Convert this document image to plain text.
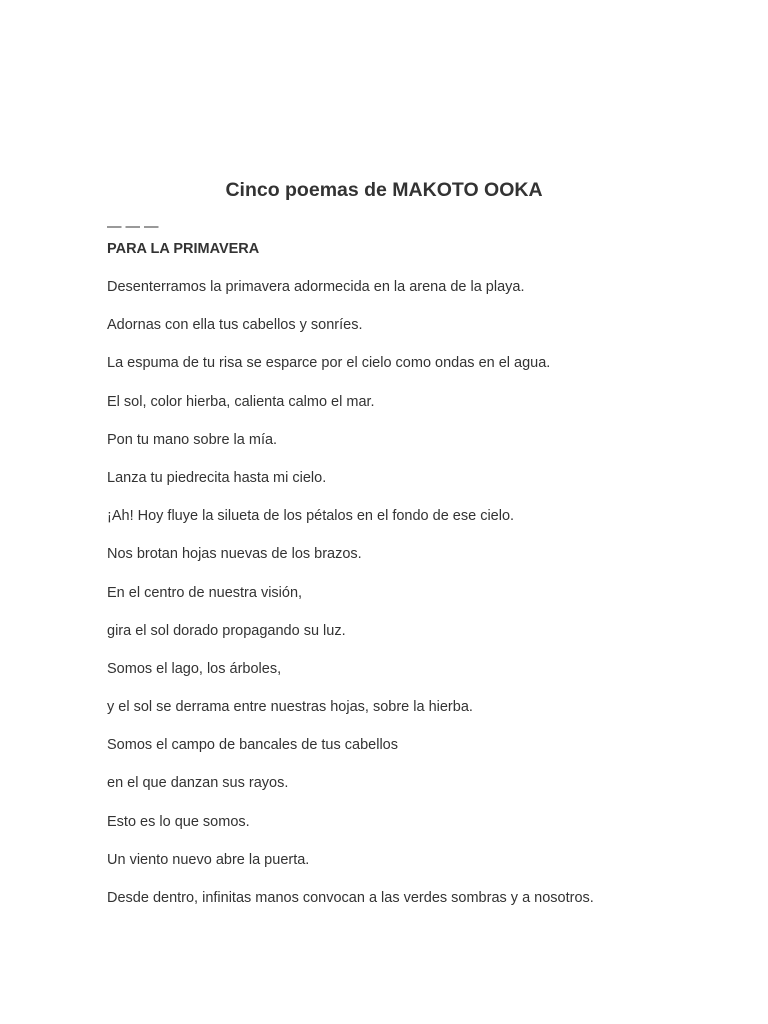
Cinco poemas de MAKOTO OOKA
— — —
PARA LA PRIMAVERA
Desenterramos la primavera adormecida en la arena de la playa.
Adornas con ella tus cabellos y sonríes.
La espuma de tu risa se esparce por el cielo como ondas en el agua.
El sol, color hierba, calienta calmo el mar.
Pon tu mano sobre la mía.
Lanza tu piedrecita hasta mi cielo.
¡Ah! Hoy fluye la silueta de los pétalos en el fondo de ese cielo.
Nos brotan hojas nuevas de los brazos.
En el centro de nuestra visión,
gira el sol dorado propagando su luz.
Somos el lago, los árboles,
y el sol se derrama entre nuestras hojas, sobre la hierba.
Somos el campo de bancales de tus cabellos
en el que danzan sus rayos.
Esto es lo que somos.
Un viento nuevo abre la puerta.
Desde dentro, infinitas manos convocan a las verdes sombras y a nosotros.
